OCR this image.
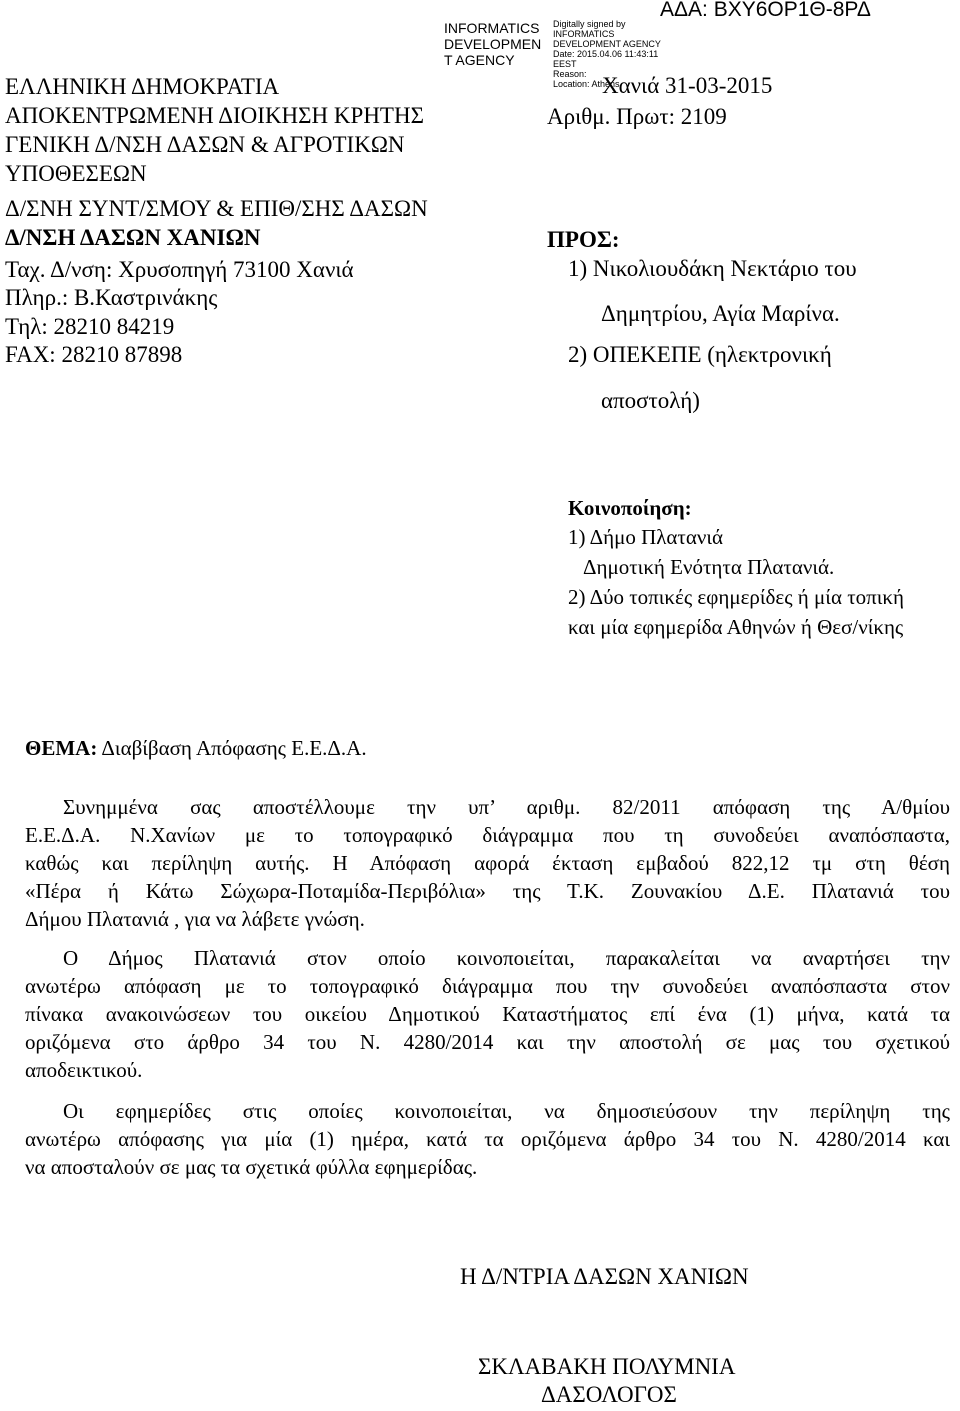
ΑΔΑ: ΒΧΥ6ΟΡ1Θ-8ΡΔ
INFORMATICS
DEVELOPMEN
T AGENCY
Digitally signed by
INFORMATICS
DEVELOPMENT AGENCY
Date: 2015.04.06 11:43:11
EEST
Reason:
Location: Athens
ΕΛΛΗΝΙΚΗ ΔΗΜΟΚΡΑΤΙΑ
ΑΠΟΚΕΝΤΡΩΜΕΝΗ ΔΙΟΙΚΗΣΗ ΚΡΗΤΗΣ
ΓΕΝΙΚΗ Δ/ΝΣΗ ΔΑΣΩΝ & ΑΓΡΟΤΙΚΩΝ
ΥΠΟΘΕΣΕΩΝ
Δ/ΣΝΗ ΣΥΝΤ/ΣΜΟΥ & ΕΠΙΘ/ΣΗΣ ΔΑΣΩΝ
Δ/ΝΣΗ ΔΑΣΩΝ ΧΑΝΙΩΝ
Ταχ. Δ/νση: Χρυσοπηγή 73100 Χανιά
Πληρ.: Β.Καστρινάκης
Τηλ: 28210 84219
FAX: 28210 87898
Χανιά 31-03-2015
Αριθμ. Πρωτ: 2109
ΠΡΟΣ:
1) Νικολιουδάκη Νεκτάριο του
Δημητρίου, Αγία Μαρίνα.
2) ΟΠΕΚΕΠΕ (ηλεκτρονική
αποστολή)
Κοινοποίηση:
1) Δήμο Πλατανιά
Δημοτική Ενότητα Πλατανιά.
2) Δύο τοπικές εφημερίδες ή μία τοπική
και μία εφημερίδα Αθηνών ή Θεσ/νίκης
ΘΕΜΑ: Διαβίβαση Απόφασης Ε.Ε.Δ.Α.
Συνημμένα σας αποστέλλουμε την υπ’ αριθμ. 82/2011 απόφαση της Α/θμίου
Ε.Ε.Δ.Α. Ν.Χανίων με το τοπογραφικό διάγραμμα που τη συνοδεύει αναπόσπαστα,
καθώς και περίληψη αυτής. Η Απόφαση αφορά έκταση εμβαδού 822,12 τμ στη θέση
«Πέρα ή Κάτω Σώχωρα-Ποταμίδα-Περιβόλια» της Τ.Κ. Ζουνακίου Δ.Ε. Πλατανιά του
Δήμου Πλατανιά , για να λάβετε γνώση.
Ο Δήμος Πλατανιά στον οποίο κοινοποιείται, παρακαλείται να αναρτήσει την
ανωτέρω απόφαση με το τοπογραφικό διάγραμμα που την συνοδεύει αναπόσπαστα στον
πίνακα ανακοινώσεων του οικείου Δημοτικού Καταστήματος επί ένα (1) μήνα, κατά τα
οριζόμενα στο άρθρο 34 του Ν. 4280/2014 και την αποστολή σε μας του σχετικού
αποδεικτικού.
Οι εφημερίδες στις οποίες κοινοποιείται, να δημοσιεύσουν την περίληψη της
ανωτέρω απόφασης για μία (1) ημέρα, κατά τα οριζόμενα άρθρο 34 του Ν. 4280/2014 και
να αποσταλούν σε μας τα σχετικά φύλλα εφημερίδας.
Η Δ/ΝΤΡΙΑ ΔΑΣΩΝ ΧΑΝΙΩΝ
ΣΚΛΑΒΑΚΗ ΠΟΛΥΜΝΙΑ
ΔΑΣΟΛΟΓΟΣ
